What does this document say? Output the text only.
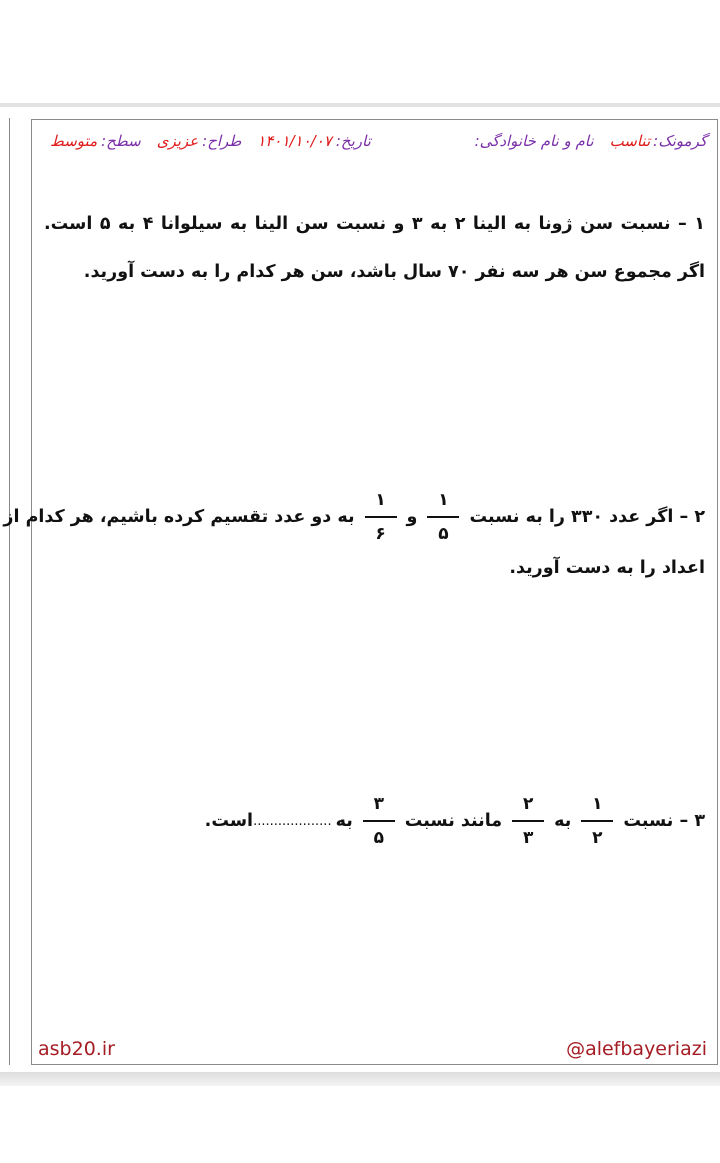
گرمونک:
تناسب
نام و نام خانوادگی:
تاریخ:
۱۴۰۱/۱۰/۰۷
طراح:
عزیزی
سطح:
متوسط
۱ – نسبت سن ژونا به الینا ۲ به ۳ و نسبت سن الینا به سیلوانا ۴ به ۵ است. اگر مجموع سن هر سه نفر ۷۰ سال باشد، سن هر کدام را به دست آورید.
۲ – اگر عدد ۳۳۰ را به نسبت
$\frac{۱}{۵}$
و
$\frac{۱}{۶}$
به دو عدد تقسیم کرده باشیم، هر کدام از
اعداد را به دست آورید.
۳ – نسبت
$\frac{۱}{۲}$
به
$\frac{۲}{۳}$
مانند نسبت
$\frac{۳}{۵}$
به
...................
است.
asb20.ir	@alefbayeriazi
